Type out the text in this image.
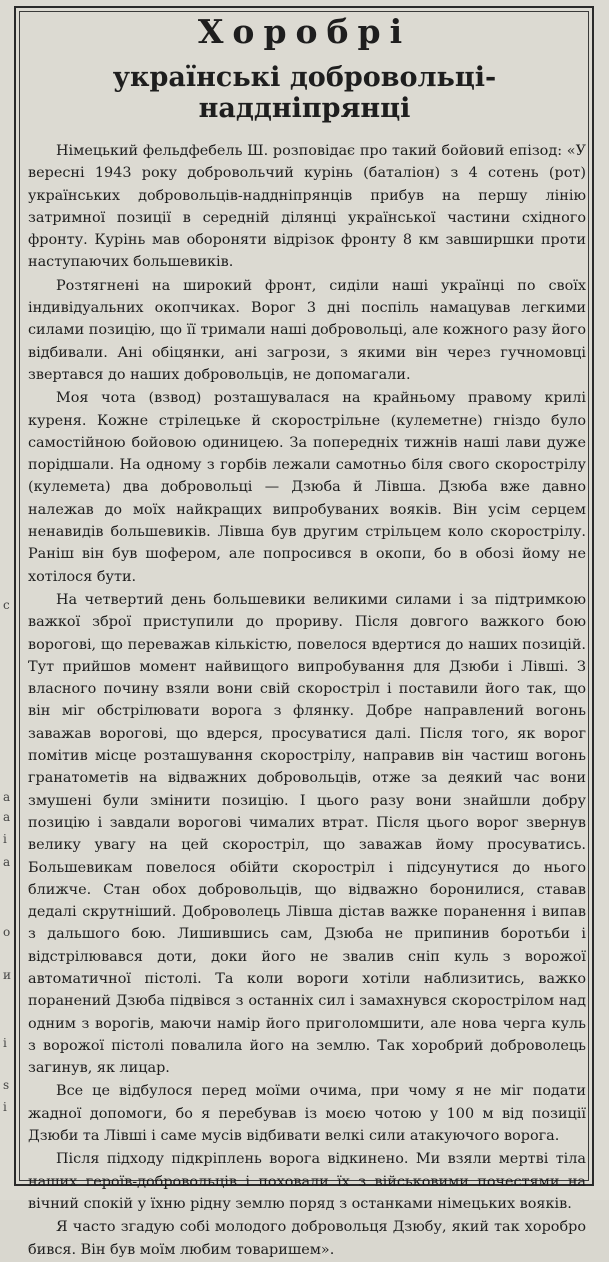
с
а
а
і
а
о
и
i
s
i

Хоробрі
українські добровольці-
наддніпрянці

Німецький фельдфебель Ш. розповідає про такий бойовий епізод: «У вересні 1943 року добровольчий курінь (баталіон) з 4 сотень (рот) українських добровольців-наддніпрянців прибув на першу лінію затримної позиції в середній ділянці української частини східного фронту. Курінь мав обороняти відрізок фронту 8 км завширшки проти наступаючих большевиків.

Розтягнені на широкий фронт, сиділи наші українці по своїх індивідуальних окопчиках. Ворог 3 дні поспіль намацував легкими силами позицію, що її тримали наші добровольці, але кожного разу його відбивали. Ані обіцянки, ані загрози, з якими він через гучномовці звертався до наших добровольців, не допомагали.

Моя чота (взвод) розташувалася на крайньому правому крилі куреня. Кожне стрілецьке й скорострільне (кулеметне) гніздо було самостійною бойовою одиницею. За попередніх тижнів наші лави дуже порідшали. На одному з горбів лежали самотньо біля свого скорострілу (кулемета) два добровольці — Дзюба й Лівша. Дзюба вже давно належав до моїх найкращих випробуваних вояків. Він усім серцем ненавидів большевиків. Лівша був другим стрільцем коло скорострілу. Раніш він був шофером, але попросився в окопи, бо в обозі йому не хотілося бути.

На четвертий день большевики великими силами і за підтримкою важкої зброї приступили до прориву. Після довгого важкого бою ворогові, що переважав кількістю, повелося вдертися до наших позицій. Тут прийшов момент найвищого випробування для Дзюби і Лівші. З власного почину взяли вони свій скоростріл і поставили його так, що він міг обстрілювати ворога з флянку. Добре направлений вогонь заважав ворогові, що вдерся, просуватися далі. Після того, як ворог помітив місце розташування скорострілу, направив він частиш вогонь гранатометів на відважних добровольців, отже за деякий час вони змушені були змінити позицію. І цього разу вони знайшли добру позицію і завдали ворогові чималих втрат. Після цього ворог звернув велику увагу на цей скоростріл, що заважав йому просуватись. Большевикам повелося обійти скоростріл і підсунутися до нього ближче. Стан обох добровольців, що відважно боронилися, ставав дедалі скрутніший. Доброволець Лівша дістав важке поранення і випав з дальшого бою. Лишившись сам, Дзюба не припинив боротьби і відстрілювався доти, доки його не звалив сніп куль з ворожої автоматичної пістолі. Та коли вороги хотіли наблизитись, важко поранений Дзюба підвівся з останніх сил і замахнувся скорострілом над одним з ворогів, маючи намір його приголомшити, але нова черга куль з ворожої пістолі повалила його на землю. Так хоробрий доброволець загинув, як лицар.

Все це відбулося перед моїми очима, при чому я не міг подати жадної допомоги, бо я перебував із моєю чотою у 100 м від позиції Дзюби та Лівші і саме мусів відбивати велкі сили атакуючого ворога.

Після підходу підкріплень ворога відкинено. Ми взяли мертві тіла наших героїв-добровольців і поховали їх з військовими почестями на вічний спокій у їхню рідну землю поряд з останками німецьких вояків.

Я часто згадую собі молодого добровольця Дзюбу, який так хоробро бився. Він був моїм любим товаришем».
